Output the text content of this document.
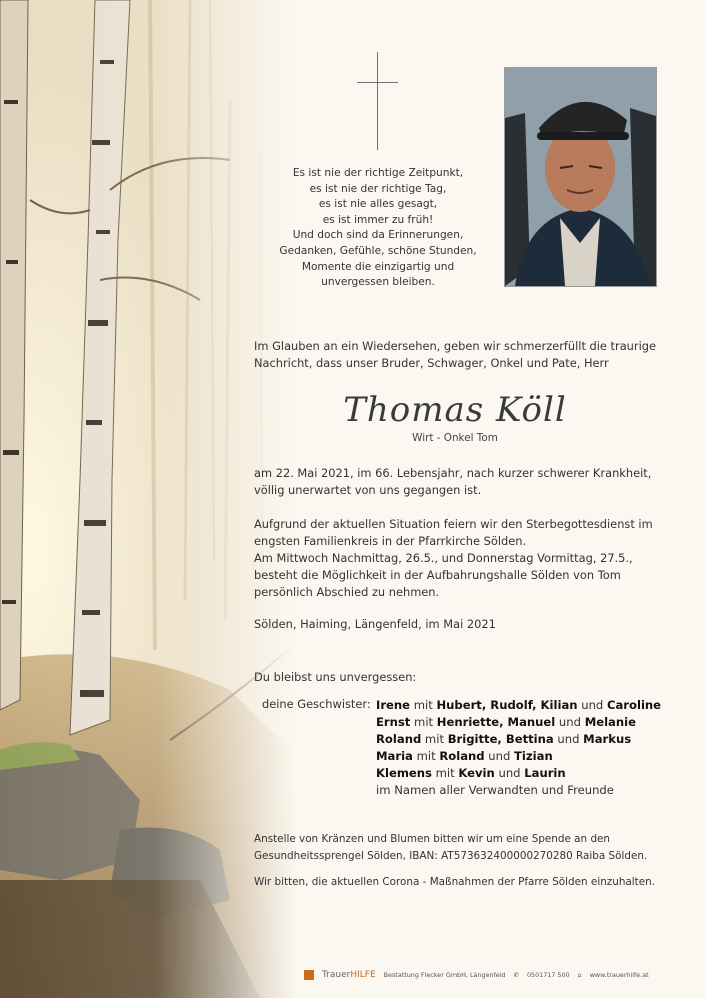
Es ist nie der richtige Zeitpunkt,
es ist nie der richtige Tag,
es ist nie alles gesagt,
es ist immer zu früh!
Und doch sind da Erinnerungen,
Gedanken, Gefühle, schöne Stunden,
Momente die einzigartig und
unvergessen bleiben.
Im Glauben an ein Wiedersehen, geben wir schmerzerfüllt die traurige Nachricht, dass unser Bruder, Schwager, Onkel und Pate, Herr
Thomas Köll
Wirt - Onkel Tom
am 22. Mai 2021, im 66. Lebensjahr, nach kurzer schwerer Krankheit,
völlig unerwartet von uns gegangen ist.
Aufgrund der aktuellen Situation feiern wir den Sterbegottesdienst im
engsten Familienkreis in der Pfarrkirche Sölden.
Am Mittwoch Nachmittag, 26.5., und Donnerstag Vormittag, 27.5.,
besteht die Möglichkeit in der Aufbahrungshalle Sölden von Tom
persönlich Abschied zu nehmen.
Sölden, Haiming, Längenfeld, im Mai 2021
Du bleibst uns unvergessen:
deine Geschwister: Irene mit Hubert, Rudolf, Kilian und Caroline
Ernst mit Henriette, Manuel und Melanie
Roland mit Brigitte, Bettina und Markus
Maria mit Roland und Tizian
Klemens mit Kevin und Laurin
im Namen aller Verwandten und Freunde
Anstelle von Kränzen und Blumen bitten wir um eine Spende an den
Gesundheitssprengel Sölden, IBAN: AT573632400000270280 Raiba Sölden.
Wir bitten, die aktuellen Corona - Maßnahmen der Pfarre Sölden einzuhalten.
TrauerHILFE Bestattung Flecker GmbH, Längenfeld ✆ 0501717 500 ⌂ www.trauerhilfe.at
